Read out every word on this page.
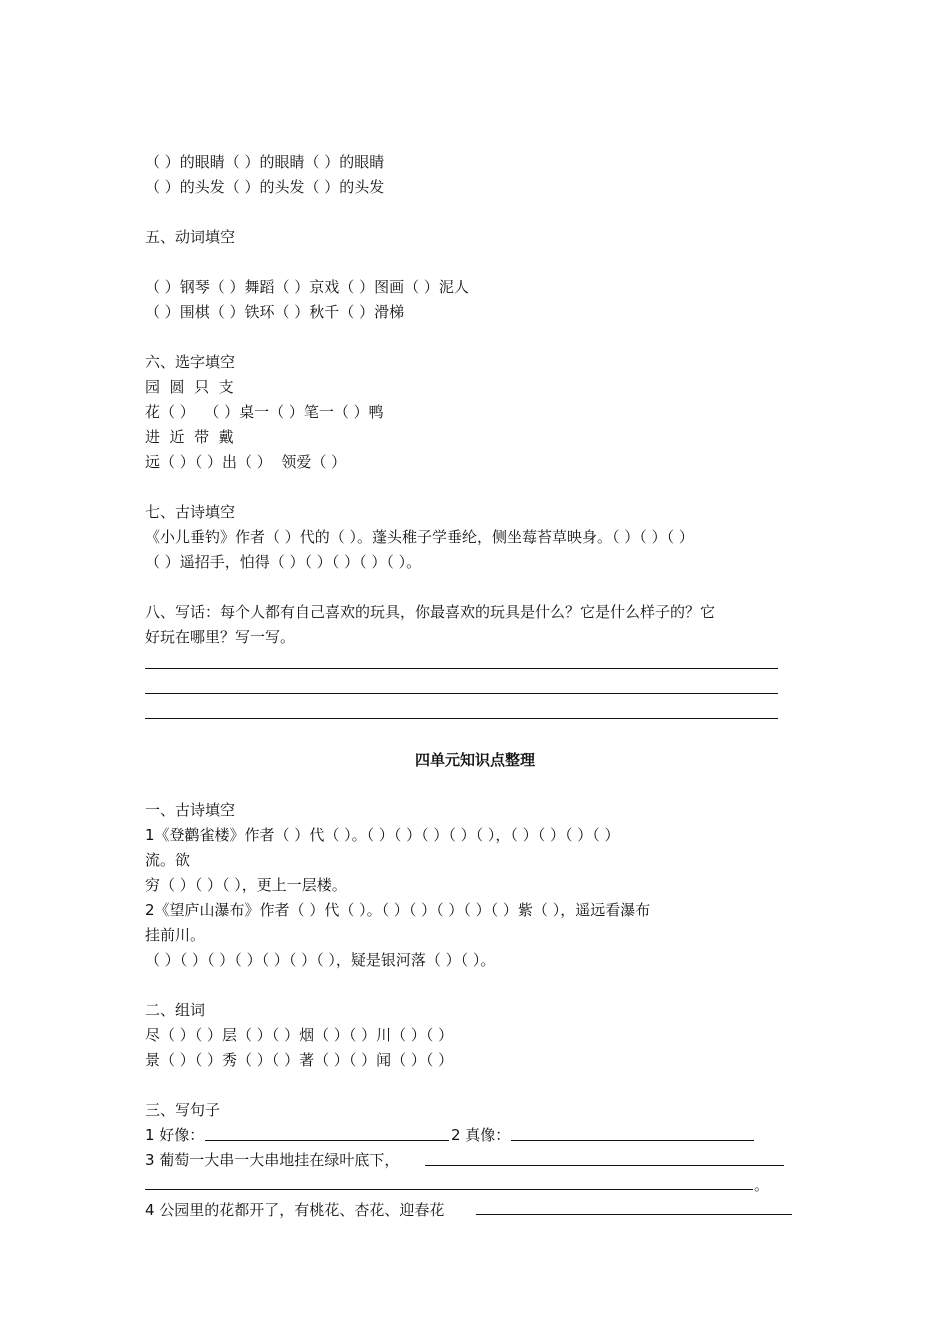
（ ）的眼睛（ ）的眼睛（ ）的眼睛
（ ）的头发（ ）的头发（ ）的头发
五、动词填空
（ ）钢琴（ ）舞蹈（ ）京戏（ ）图画（ ）泥人
（ ）围棋（ ）铁环（ ）秋千（ ）滑梯
六、选字填空
园  圆  只  支
花（ ）  （ ）桌一（ ）笔一（ ）鸭
进  近  带  戴
远（ ）（ ）出（ ）  领爱（ ）
七、古诗填空
《小儿垂钓》作者（ ）代的（ ）。蓬头稚子学垂纶，侧坐莓苔草映身。（ ）（ ）（ ）
（ ）遥招手，怕得（ ）（ ）（ ）（ ）（ ）。
八、写话：每个人都有自己喜欢的玩具，你最喜欢的玩具是什么？它是什么样子的？它
好玩在哪里？写一写。
四单元知识点整理
一、古诗填空
1《登鹳雀楼》作者（ ）代（ ）。（ ）（ ）（ ）（ ）（ ），（ ）（ ）（ ）（ ）
流。欲
穷（ ）（ ）（ ），更上一层楼。
2《望庐山瀑布》作者（ ）代（ ）。（ ）（ ）（ ）（ ）（ ）紫（ ），遥远看瀑布
挂前川。
（ ）（ ）（ ）（ ）（ ）（ ）（ ），疑是银河落（ ）（ ）。
二、组词
尽（ ）（ ）层（ ）（ ）烟（ ）（ ）川（ ）（ ）
景（ ）（ ）秀（ ）（ ）著（ ）（ ）闻（ ）（ ）
三、写句子
1 好像：	2 真像：
3 葡萄一大串一大串地挂在绿叶底下，
。
4 公园里的花都开了，有桃花、杏花、迎春花
